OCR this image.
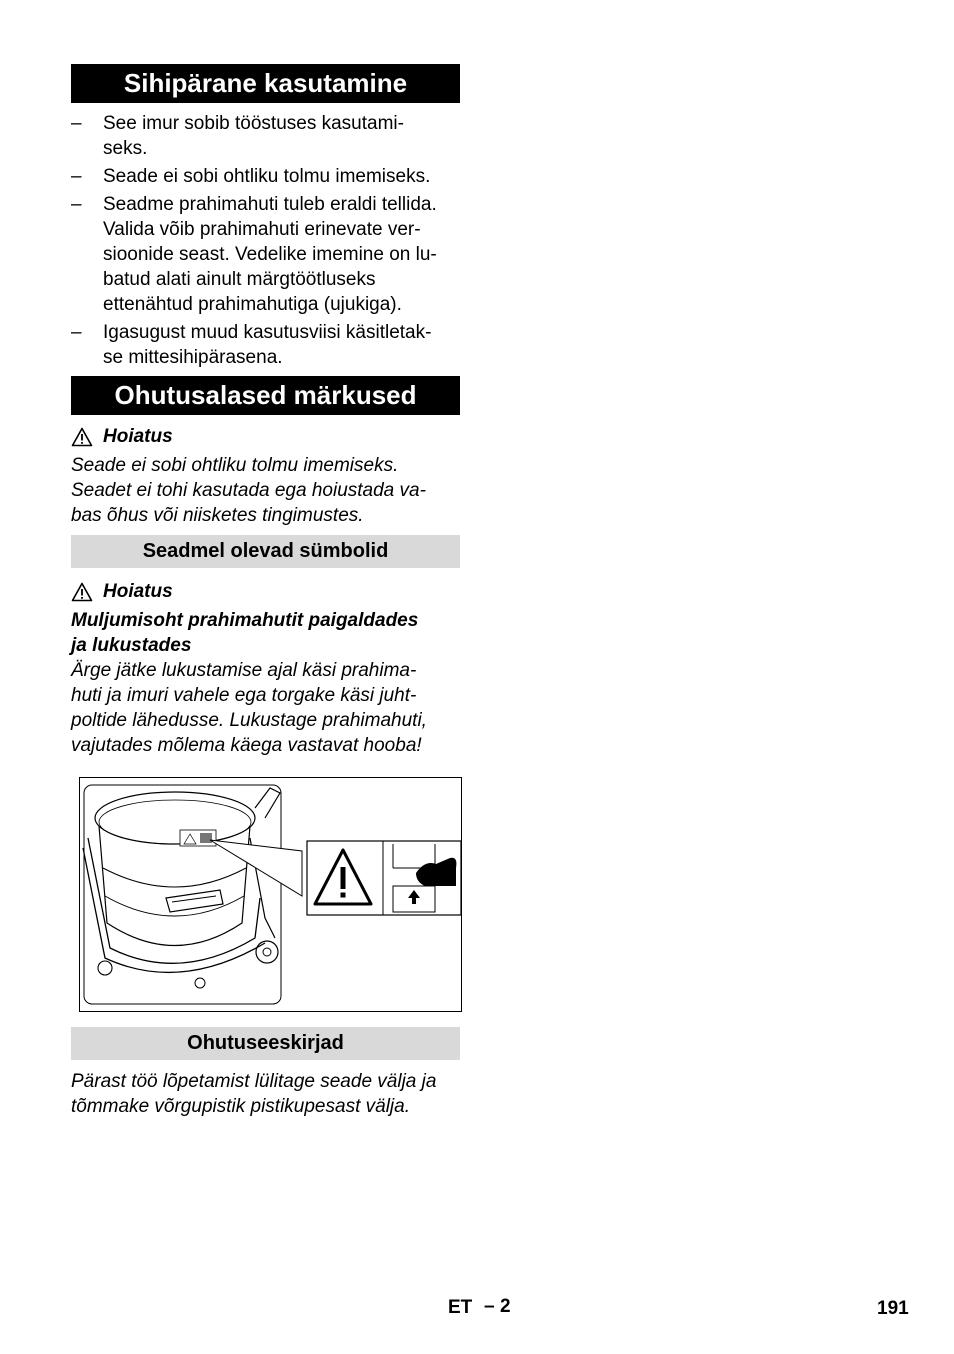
Sihipärane kasutamine
– See imur sobib tööstuses kasutami-
seks.
– Seade ei sobi ohtliku tolmu imemiseks.
– Seadme prahimahuti tuleb eraldi tellida.
Valida võib prahimahuti erinevate ver-
sioonide seast. Vedelike imemine on lu-
batud alati ainult märgtöötluseks
ettenähtud prahimahutiga (ujukiga).
– Igasugust muud kasutusviisi käsitletak-
se mittesihipärasena.
Ohutusalased märkused
Hoiatus
Seade ei sobi ohtliku tolmu imemiseks.
Seadet ei tohi kasutada ega hoiustada va-
bas õhus või niisketes tingimustes.
Seadmel olevad sümbolid
Hoiatus
Muljumisoht prahimahutit paigaldades
ja lukustades
Ärge jätke lukustamise ajal käsi prahima-
huti ja imuri vahele ega torgake käsi juht-
poltide lähedusse. Lukustage prahimahuti,
vajutades mõlema käega vastavat hooba!
Ohutuseeskirjad
Pärast töö lõpetamist lülitage seade välja ja
tõmmake võrgupistik pistikupesast välja.
ET – 2	191
